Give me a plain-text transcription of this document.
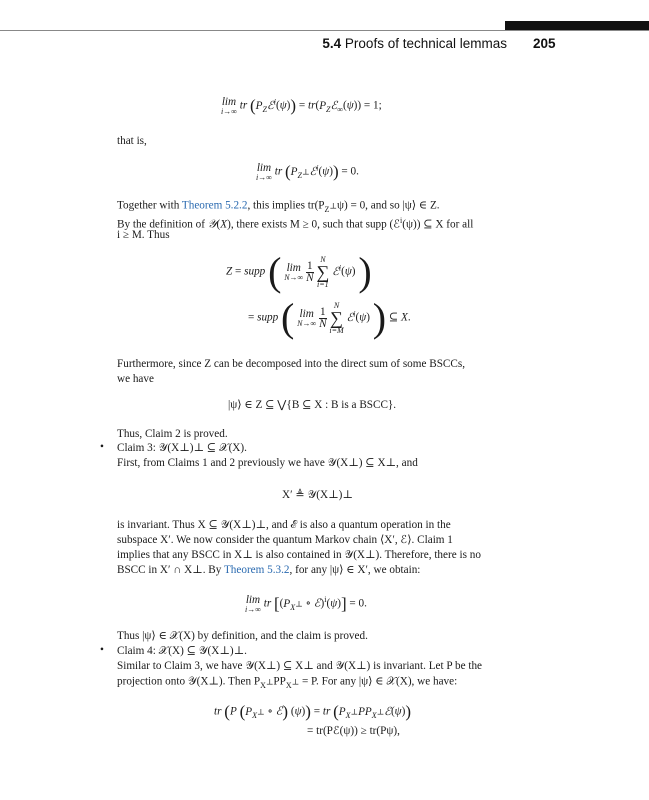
5.4 Proofs of technical lemmas 205
lim
i→∞ tr $(P_Zℰ^i(\psi))$ = $tr(P_Zℰ_\infty(\psi)) = 1$;
that is,
lim
i→∞ tr $(P_{Z^\perp}ℰ^i(\psi)) = 0$.
Together with Theorem 5.2.2, this implies $tr(P_{Z^\perp}\psi) = 0$, and so |ψ⟩ ∈ Z.
By the definition of 𝒴(X), there exists M ≥ 0, such that supp (ℰ$^i$(ψ)) ⊆ X for all
i ≥ M. Thus
Z = supp ( lim
N→∞
$\frac{1}{N}$

N
∑
i=1
ℰ$^i$(ψ) )
= supp ( lim
N→∞
$\frac{1}{N}$

N
∑
i=M
ℰ$^i$(ψ) ) ⊆ X.
Furthermore, since Z can be decomposed into the direct sum of some BSCCs,
we have
|ψ⟩ ∈ Z ⊆ ⋁{B ⊆ X : B is a BSCC}.
Thus, Claim 2 is proved.
• Claim 3: 𝒴(X⊥)⊥ ⊆ 𝒳(X).
First, from Claims 1 and 2 previously we have 𝒴(X⊥) ⊆ X⊥, and
X′ ≜ 𝒴(X⊥)⊥
is invariant. Thus X ⊆ 𝒴(X⊥)⊥, and ℰ is also a quantum operation in the
subspace X′. We now consider the quantum Markov chain ⟨X′, ℰ⟩. Claim 1
implies that any BSCC in X⊥ is also contained in 𝒴(X⊥). Therefore, there is no
BSCC in X′ ∩ X⊥. By Theorem 5.3.2, for any |ψ⟩ ∈ X′, we obtain:
lim
i→∞ tr [($P_{X^\perp}$ ∘ ℰ)$^i$(ψ)] = 0.
Thus |ψ⟩ ∈ 𝒳(X) by definition, and the claim is proved.
• Claim 4: 𝒳(X) ⊆ 𝒴(X⊥)⊥.
Similar to Claim 3, we have 𝒴(X⊥) ⊆ X⊥ and 𝒴(X⊥) is invariant. Let P be the
projection onto 𝒴(X⊥). Then $P_{X^\perp}PP_{X^\perp} = P$. For any |ψ⟩ ∈ 𝒳(X), we have:
tr (P ($P_{X^\perp}$ ∘ ℰ) (ψ)) = tr $(P_{X^\perp}PP_{X^\perp}ℰ(\psi))$
= tr(Pℰ(ψ)) ≥ tr(Pψ),
